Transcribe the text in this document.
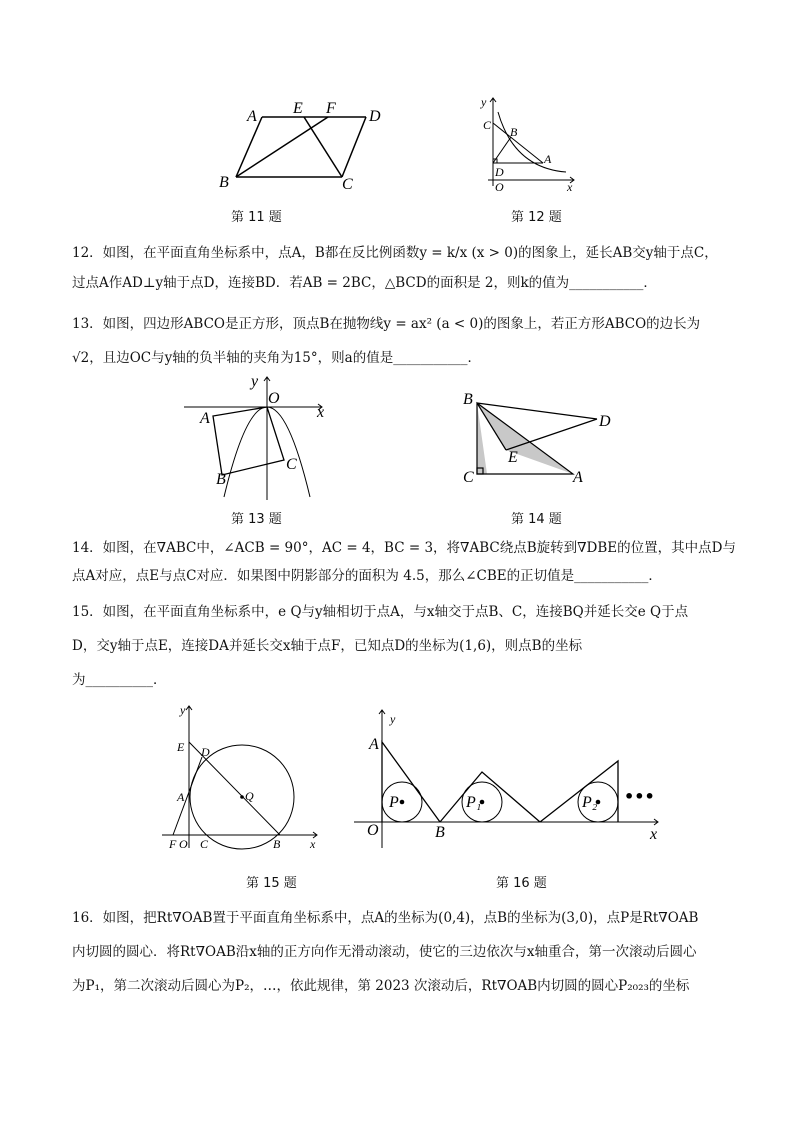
A E F D
B	C
第 11 题
y
C B
A
D
O	x
第 12 题
12．如图，在平面直角坐标系中，点A，B都在反比例函数y = k/x (x > 0)的图象上，延长AB交y轴于点C，
过点A作AD⊥y轴于点D，连接BD．若AB = 2BC，△BCD的面积是 2，则k的值为___________．
13．如图，四边形ABCO是正方形，顶点B在抛物线y = ax² (a < 0)的图象上，若正方形ABCO的边长为
√2，且边OC与y轴的负半轴的夹角为15°，则a的值是___________．
y
O
x
A
B
C
第 13 题
B
D
E
C	A
第 14 题
14．如图，在∇ABC中，∠ACB = 90°，AC = 4，BC = 3，将∇ABC绕点B旋转到∇DBE的位置，其中点D与
点A对应，点E与点C对应．如果图中阴影部分的面积为 4.5，那么∠CBE的正切值是___________．
15．如图，在平面直角坐标系中，e Q与y轴相切于点A，与x轴交于点B、C，连接BQ并延长交e Q于点
D，交y轴于点E，连接DA并延长交x轴于点F，已知点D的坐标为(1,6)，则点B的坐标
为__________．
y
E D
A	Q
F O C	B x
第 15 题
y
A
P	P₁	P₂
O	B	x
•••
第 16 题
16．如图，把Rt∇OAB置于平面直角坐标系中，点A的坐标为(0,4)，点B的坐标为(3,0)，点P是Rt∇OAB
内切圆的圆心．将Rt∇OAB沿x轴的正方向作无滑动滚动，使它的三边依次与x轴重合，第一次滚动后圆心
为P₁，第二次滚动后圆心为P₂，…，依此规律，第 2023 次滚动后，Rt∇OAB内切圆的圆心P₂₀₂₃的坐标
